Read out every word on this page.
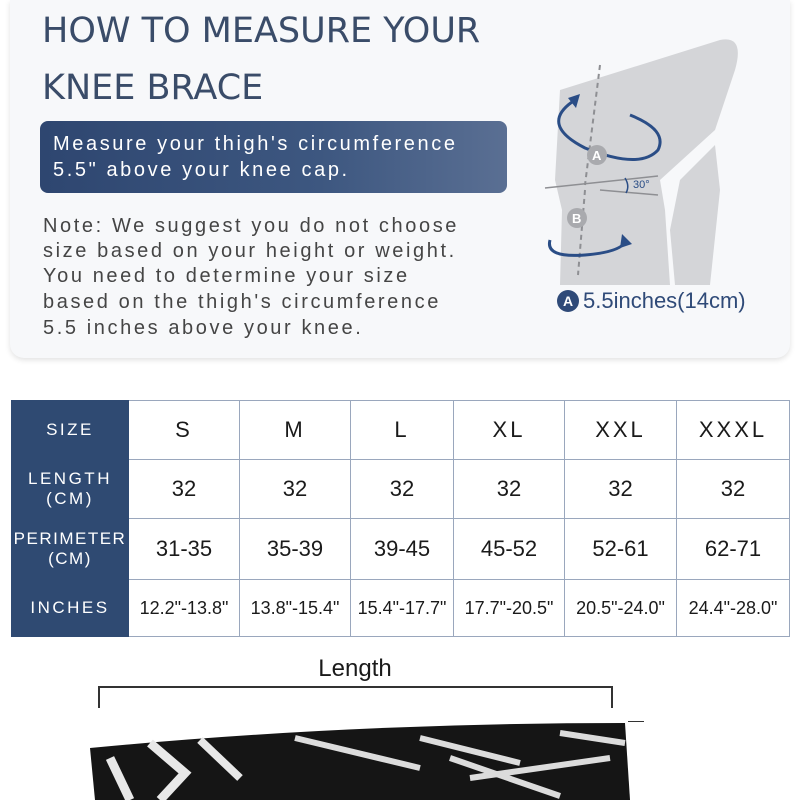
HOW TO MEASURE YOUR
KNEE BRACE
Measure your thigh's circumference
5.5" above your knee cap.
Note: We suggest you do not choose
size based on your height or weight.
You need to determine your size
based on the thigh's circumference
5.5 inches above your knee.
30°
A
B
A 5.5inches(14cm)
SIZE	S	M	L	XL	XXL	XXXL

LENGTH
(CM)	32	32	32	32	32	32

PERIMETER
(CM)	31-35	35-39	39-45	45-52	52-61	62-71
INCHES	12.2"-13.8"	13.8"-15.4"	15.4"-17.7"	17.7"-20.5"	20.5"-24.0"	24.4"-28.0"
Length
